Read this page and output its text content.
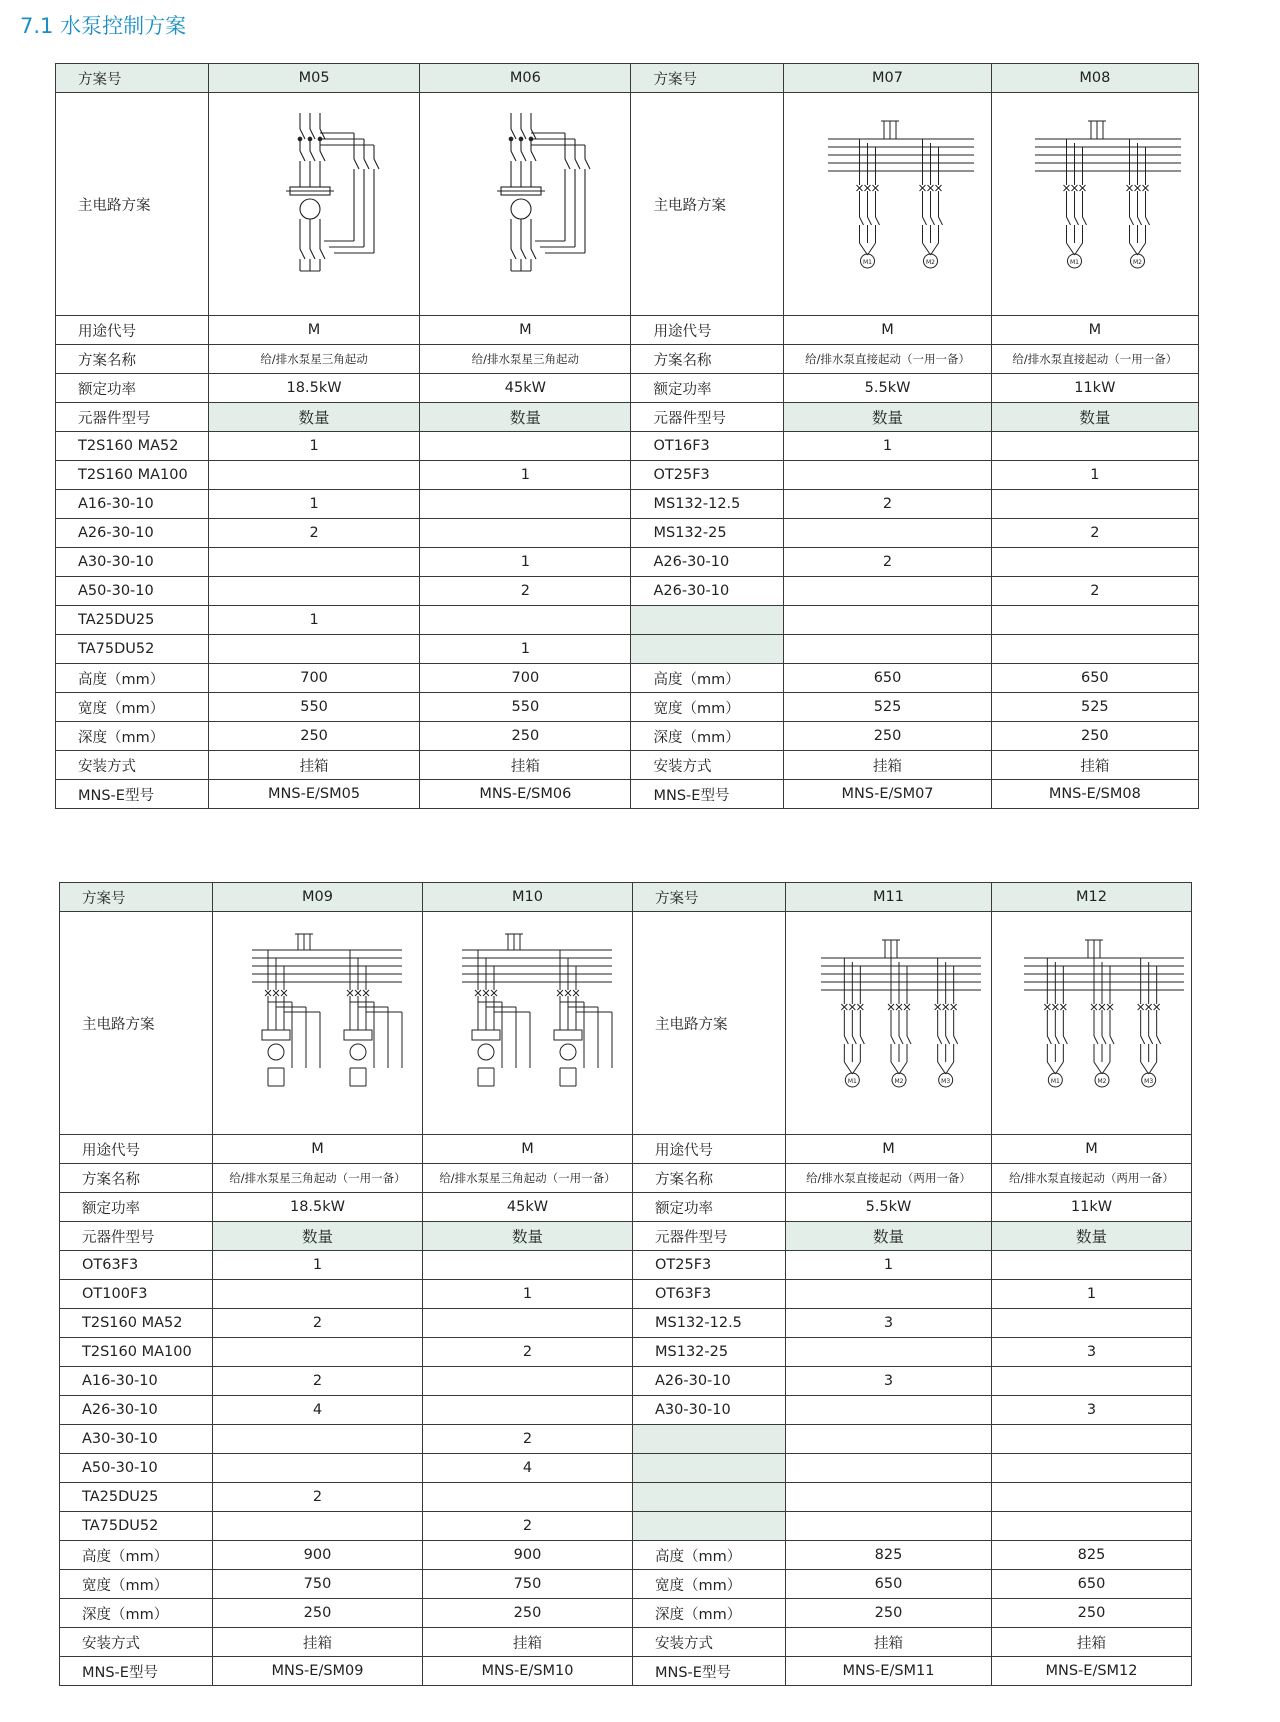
7.1 水泵控制方案
方案号	M05	M06	方案号	M07	M08
主电路方案			主电路方案	M1 M2	M1 M2

用途代号	M	M	用途代号	M	M
方案名称	给/排水泵星三角起动	给/排水泵星三角起动	方案名称	给/排水泵直接起动（一用一备）	给/排水泵直接起动（一用一备）
额定功率	18.5kW	45kW	额定功率	5.5kW	11kW
元器件型号	数量	数量	元器件型号	数量	数量
T2S160 MA52	1		OT16F3	1	
T2S160 MA100		1	OT25F3		1
A16-30-10	1		MS132-12.5	2	
A26-30-10	2		MS132-25		2
A30-30-10		1	A26-30-10	2	
A50-30-10		2	A26-30-10		2
TA25DU25	1				
TA75DU52		1			
高度（mm）	700	700	高度（mm）	650	650
宽度（mm）	550	550	宽度（mm）	525	525
深度（mm）	250	250	深度（mm）	250	250
安装方式	挂箱	挂箱	安装方式	挂箱	挂箱
MNS-E型号	MNS-E/SM05	MNS-E/SM06	MNS-E型号	MNS-E/SM07	MNS-E/SM08
方案号	M09	M10	方案号	M11	M12
主电路方案			主电路方案	M1 M2 M3	M1 M2 M3

用途代号	M	M	用途代号	M	M
方案名称	给/排水泵星三角起动（一用一备）	给/排水泵星三角起动（一用一备）	方案名称	给/排水泵直接起动（两用一备）	给/排水泵直接起动（两用一备）
额定功率	18.5kW	45kW	额定功率	5.5kW	11kW
元器件型号	数量	数量	元器件型号	数量	数量
OT63F3	1		OT25F3	1	
OT100F3		1	OT63F3		1
T2S160 MA52	2		MS132-12.5	3	
T2S160 MA100		2	MS132-25		3
A16-30-10	2		A26-30-10	3	
A26-30-10	4		A30-30-10		3
A30-30-10		2			
A50-30-10		4			
TA25DU25	2				
TA75DU52		2			
高度（mm）	900	900	高度（mm）	825	825
宽度（mm）	750	750	宽度（mm）	650	650
深度（mm）	250	250	深度（mm）	250	250
安装方式	挂箱	挂箱	安装方式	挂箱	挂箱
MNS-E型号	MNS-E/SM09	MNS-E/SM10	MNS-E型号	MNS-E/SM11	MNS-E/SM12
